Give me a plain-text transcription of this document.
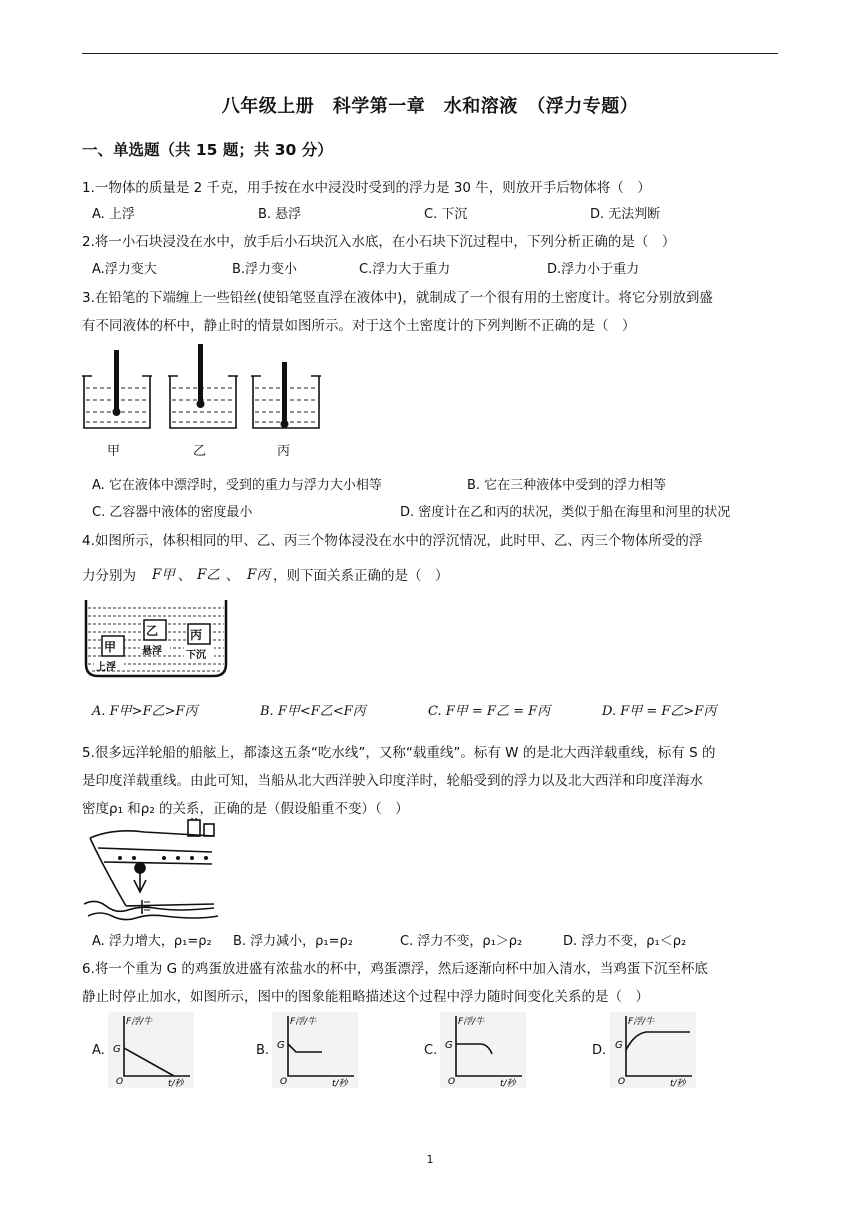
八年级上册　科学第一章　水和溶液　（浮力专题）
一、单选题（共 15 题；共 30 分）
1.一物体的质量是 2 千克，用手按在水中浸没时受到的浮力是 30 牛，则放开手后物体将（　）
A. 上浮	B. 悬浮	C. 下沉	D. 无法判断
2.将一小石块浸没在水中，放手后小石块沉入水底，在小石块下沉过程中，下列分析正确的是（　）
A.浮力变大	B.浮力变小	C.浮力大于重力	D.浮力小于重力
3.在铅笔的下端缠上一些铅丝(使铅笔竖直浮在液体中)，就制成了一个很有用的土密度计。将它分别放到盛
有不同液体的杯中，静止时的情景如图所示。对于这个土密度计的下列判断不正确的是（　）
甲	乙	丙
A. 它在液体中漂浮时，受到的重力与浮力大小相等	B. 它在三种液体中受到的浮力相等
C. 乙容器中液体的密度最小	D. 密度计在乙和丙的状况，类似于船在海里和河里的状况
4.如图所示，体积相同的甲、乙、丙三个物体浸没在水中的浮沉情况，此时甲、乙、丙三个物体所受的浮
力分别为 F甲 、 F乙 、 F丙 ，则下面关系正确的是（　）
甲
乙	丙
上浮
悬浮 下沉
A. F甲>F乙>F丙	B. F甲<F乙<F丙	C. F甲 = F乙 = F丙	D. F甲 = F乙>F丙
5.很多远洋轮船的船舷上，都漆这五条“吃水线”，又称“载重线”。标有 W 的是北大西洋载重线，标有 S 的
是印度洋载重线。由此可知，当船从北大西洋驶入印度洋时，轮船受到的浮力以及北大西洋和印度洋海水
密度ρ₁ 和ρ₂ 的关系，正确的是（假设船重不变）（　）
A. 浮力增大，ρ₁=ρ₂ B. 浮力减小，ρ₁=ρ₂	C. 浮力不变，ρ₁＞ρ₂	D. 浮力不变，ρ₁＜ρ₂
6.将一个重为 G 的鸡蛋放进盛有浓盐水的杯中，鸡蛋漂浮，然后逐渐向杯中加入清水，当鸡蛋下沉至杯底
静止时停止加水，如图所示，图中的图象能粗略描述这个过程中浮力随时间变化关系的是（　）
A.	B.	C.	D.
F浮/牛
G
O	t/秒
F浮/牛
G
O	t/秒
F浮/牛
G
O	t/秒
F浮/牛
G
O	t/秒
1
